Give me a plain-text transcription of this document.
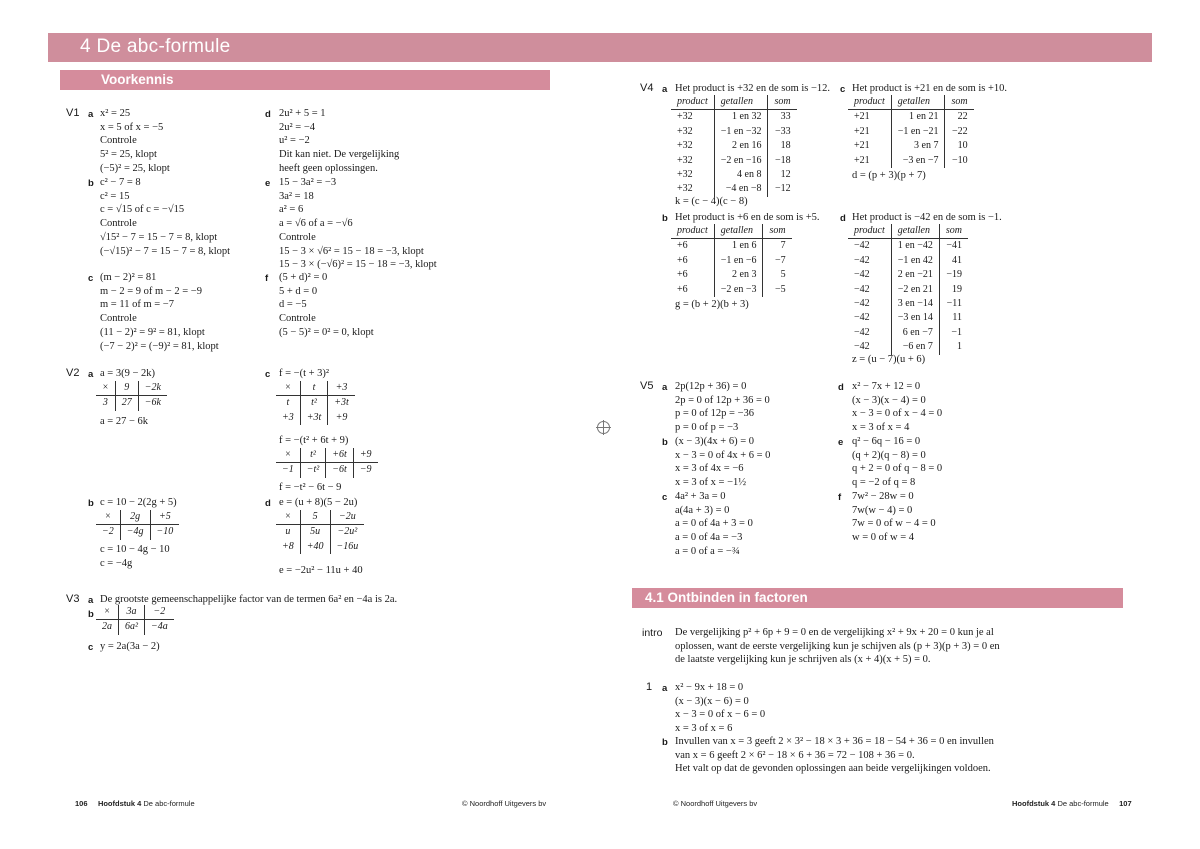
4 De abc-formule
Voorkennis
4.1 Ontbinden in factoren
V1 a x² = 25
x = 5 of x = −5
Controle
5² = 25, klopt
(−5)² = 25, klopt
b c² − 7 = 8
c² = 15
c = √15 of c = −√15
Controle
√15² − 7 = 15 − 7 = 8, klopt
(−√15)² − 7 = 15 − 7 = 8, klopt
c (m − 2)² = 81
m − 2 = 9 of m − 2 = −9
m = 11 of m = −7
Controle
(11 − 2)² = 9² = 81, klopt
(−7 − 2)² = (−9)² = 81, klopt
d 2u² + 5 = 1
2u² = −4
u² = −2
Dit kan niet. De vergelijking
heeft geen oplossingen.
e 15 − 3a² = −3
3a² = 18
a² = 6
a = √6 of a = −√6
Controle
15 − 3 × √6² = 15 − 18 = −3, klopt
15 − 3 × (−√6)² = 15 − 18 = −3, klopt
f (5 + d)² = 0
5 + d = 0
d = −5
Controle
(5 − 5)² = 0² = 0, klopt
V2 a a = 3(9 − 2k)
×	9	−2k
3	27	−6k
a = 27 − 6k
c f = −(t + 3)²
×	t	+3
t	t²	+3t
+3	+3t	+9
f = −(t² + 6t + 9)
×	t²	+6t	+9
−1	−t²	−6t	−9
f = −t² − 6t − 9
b c = 10 − 2(2g + 5)
×	2g	+5
−2	−4g	−10
c = 10 − 4g − 10
c = −4g
d e = (u + 8)(5 − 2u)
×	5	−2u
u	5u	−2u²
+8	+40	−16u
e = −2u² − 11u + 40
V3 a De grootste gemeenschappelijke factor van de termen 6a² en −4a is 2a.
b ×	3a	−2
2a	6a²	−4a
c y = 2a(3a − 2)
V4 a Het product is +32 en de som is −12.
product	getallen	som
+32	1 en 32	33
+32	−1 en −32	−33
+32	2 en 16	18
+32	−2 en −16	−18
+32	4 en 8	12
+32	−4 en −8	−12
k = (c − 4)(c − 8)
c Het product is +21 en de som is +10.
product	getallen	som
+21	1 en 21	22
+21	−1 en −21	−22
+21	3 en 7	10
+21	−3 en −7	−10
d = (p + 3)(p + 7)
b Het product is +6 en de som is +5.
product	getallen	som
+6	1 en 6	7
+6	−1 en −6	−7
+6	2 en 3	5
+6	−2 en −3	−5
g = (b + 2)(b + 3)
d Het product is −42 en de som is −1.
product	getallen	som
−42	1 en −42	−41
−42	−1 en 42	41
−42	2 en −21	−19
−42	−2 en 21	19
−42	3 en −14	−11
−42	−3 en 14	11
−42	6 en −7	−1
−42	−6 en 7	1
z = (u − 7)(u + 6)
V5 a 2p(12p + 36) = 0
2p = 0 of 12p + 36 = 0
p = 0 of 12p = −36
p = 0 of p = −3
b (x − 3)(4x + 6) = 0
x − 3 = 0 of 4x + 6 = 0
x = 3 of 4x = −6
x = 3 of x = −1½
c 4a² + 3a = 0
a(4a + 3) = 0
a = 0 of 4a + 3 = 0
a = 0 of 4a = −3
a = 0 of a = −¾
d x² − 7x + 12 = 0
(x − 3)(x − 4) = 0
x − 3 = 0 of x − 4 = 0
x = 3 of x = 4
e q² − 6q − 16 = 0
(q + 2)(q − 8) = 0
q + 2 = 0 of q − 8 = 0
q = −2 of q = 8
f 7w² − 28w = 0
7w(w − 4) = 0
7w = 0 of w − 4 = 0
w = 0 of w = 4
intro De vergelijking p² + 6p + 9 = 0 en de vergelijking x² + 9x + 20 = 0 kun je al
oplossen, want de eerste vergelijking kun je schijven als (p + 3)(p + 3) = 0 en
de laatste vergelijking kun je schrijven als (x + 4)(x + 5) = 0.
1 a x² − 9x + 18 = 0
(x − 3)(x − 6) = 0
x − 3 = 0 of x − 6 = 0
x = 3 of x = 6
b Invullen van x = 3 geeft 2 × 3² − 18 × 3 + 36 = 18 − 54 + 36 = 0 en invullen
van x = 6 geeft 2 × 6² − 18 × 6 + 36 = 72 − 108 + 36 = 0.
Het valt op dat de gevonden oplossingen aan beide vergelijkingen voldoen.
106 Hoofdstuk 4 De abc-formule	© Noordhoff Uitgevers bv	© Noordhoff Uitgevers bv	Hoofdstuk 4 De abc-formule 107
